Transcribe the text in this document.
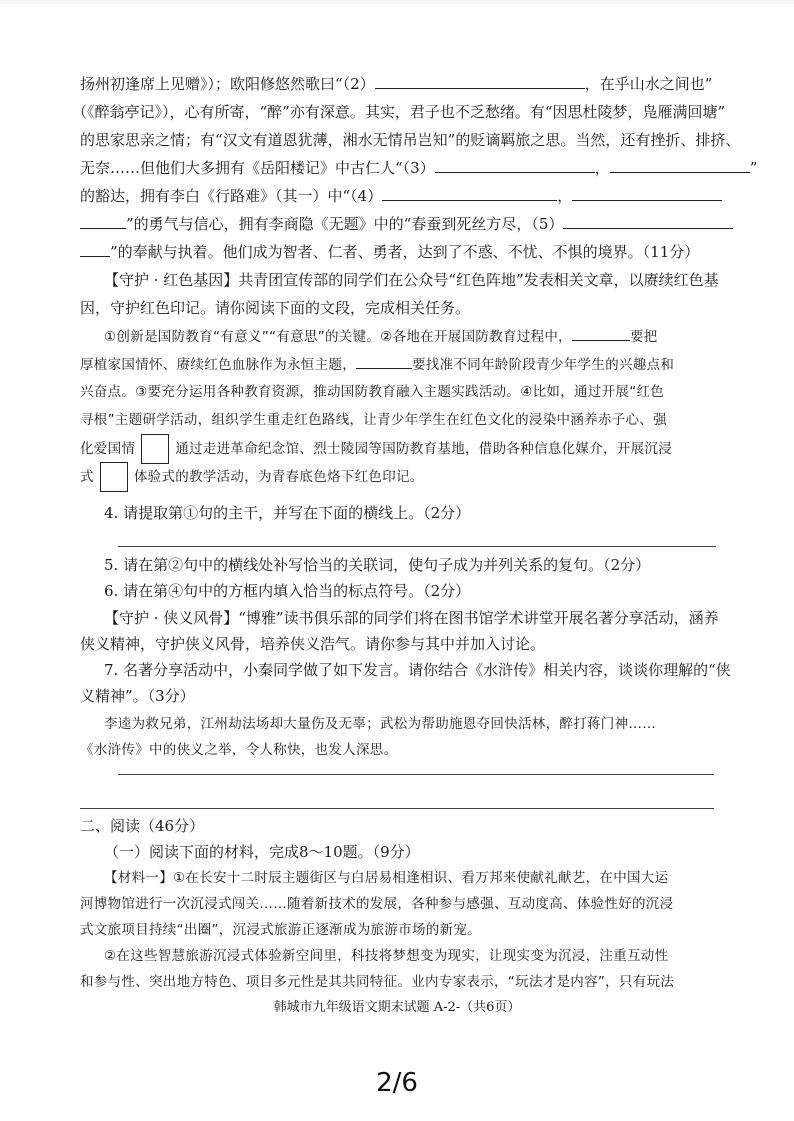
扬州初逢席上见赠》）；欧阳修悠然歌曰“（2）	，在乎山水之间也”
（《醉翁亭记》），心有所寄，“醉”亦有深意。其实，君子也不乏愁绪。有“因思杜陵梦，凫雁满回塘”
的思家思亲之情；有“汉文有道恩犹薄，湘水无情吊岂知”的贬谪羁旅之思。当然，还有挫折、排挤、
无奈……但他们大多拥有《岳阳楼记》中古仁人“（3）	，	”
的豁达，拥有李白《行路难》（其一）中“（4）	，
”的勇气与信心，拥有李商隐《无题》中的“春蚕到死丝方尽，（5）
”的奉献与执着。他们成为智者、仁者、勇者，达到了不惑、不忧、不惧的境界。（11分）
【守护 · 红色基因】共青团宣传部的同学们在公众号“红色阵地”发表相关文章，以赓续红色基
因，守护红色印记。请你阅读下面的文段，完成相关任务。
①创新是国防教育“有意义”“有意思”的关键。②各地在开展国防教育过程中，	要把
厚植家国情怀、赓续红色血脉作为永恒主题，	要找准不同年龄阶段青少年学生的兴趣点和
兴奋点。③要充分运用各种教育资源，推动国防教育融入主题实践活动。④比如，通过开展“红色
寻根”主题研学活动，组织学生重走红色路线，让青少年学生在红色文化的浸染中涵养赤子心、强
化爱国情	通过走进革命纪念馆、烈士陵园等国防教育基地，借助各种信息化媒介，开展沉浸
式	体验式的教学活动，为青春底色烙下红色印记。
4. 请提取第①句的主干，并写在下面的横线上。（2分）
5. 请在第②句中的横线处补写恰当的关联词，使句子成为并列关系的复句。（2分）
6. 请在第④句中的方框内填入恰当的标点符号。（2分）
【守护 · 侠义风骨】“博雅”读书俱乐部的同学们将在图书馆学术讲堂开展名著分享活动，涵养
侠义精神，守护侠义风骨，培养侠义浩气。请你参与其中并加入讨论。
7. 名著分享活动中，小秦同学做了如下发言。请你结合《水浒传》相关内容，谈谈你理解的“侠
义精神”。（3分）
李逵为救兄弟，江州劫法场却大量伤及无辜；武松为帮助施恩夺回快活林，醉打蒋门神……
《水浒传》中的侠义之举，令人称快，也发人深思。
二、阅读（46分）
（一）阅读下面的材料，完成8～10题。（9分）
【材料一】①在长安十二时辰主题街区与白居易相逢相识、看万邦来使献礼献艺，在中国大运
河博物馆进行一次沉浸式闯关……随着新技术的发展，各种参与感强、互动度高、体验性好的沉浸
式文旅项目持续“出圈”，沉浸式旅游正逐渐成为旅游市场的新宠。
②在这些智慧旅游沉浸式体验新空间里，科技将梦想变为现实，让现实变为沉浸，注重互动性
和参与性、突出地方特色、项目多元性是其共同特征。业内专家表示，“玩法才是内容”，只有玩法
韩城市九年级语文期末试题 A-2-（共6页）
2/6
